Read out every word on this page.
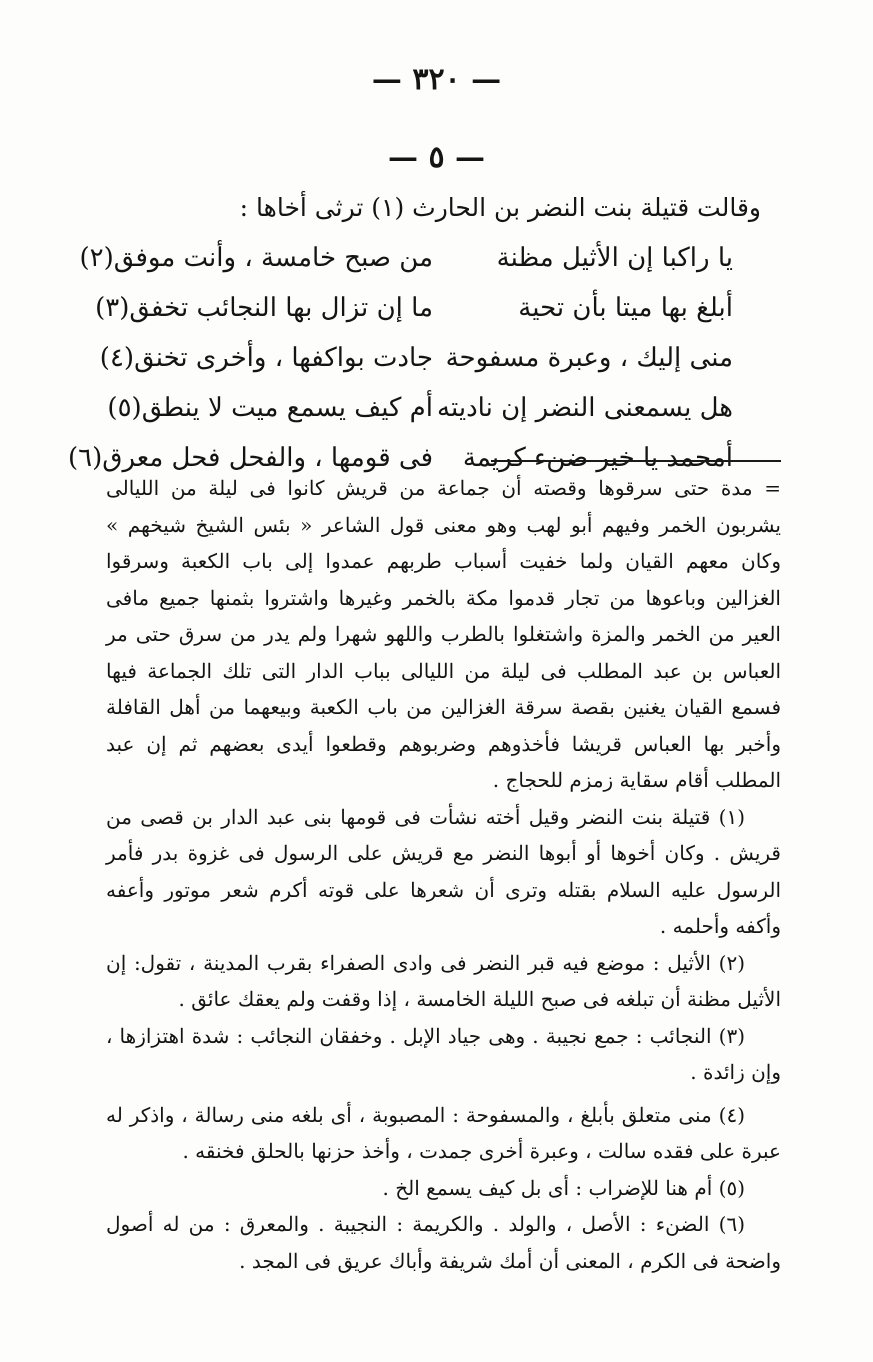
— ٣٢٠ —
— ٥ —
وقالت قتيلة بنت النضر بن الحارث (١) ترثى أخاها :
يا راكبا إن الأثيل مظنة
من صبح خامسة ، وأنت موفق(٢)
أبلغ بها ميتا بأن تحية
ما إن تزال بها النجائب تخفق(٣)
منى إليك ، وعبرة مسفوحة
جادت بواكفها ، وأخرى تخنق(٤)
هل يسمعنى النضر إن ناديته
أم كيف يسمع ميت لا ينطق(٥)
أمحمد يا خير ضنء كريمة
فى قومها ، والفحل فحل معرق(٦)

= مدة حتى سرقوها وقصته أن جماعة من قريش كانوا فى ليلة من الليالى يشربون الخمر وفيهم أبو لهب وهو معنى قول الشاعر « بئس الشيخ شيخهم » وكان معهم القيان ولما خفيت أسباب طربهم عمدوا إلى باب الكعبة وسرقوا الغزالين وباعوها من تجار قدموا مكة بالخمر وغيرها واشتروا بثمنها جميع مافى العير من الخمر والمزة واشتغلوا بالطرب واللهو شهرا ولم يدر من سرق حتى مر العباس بن عبد المطلب فى ليلة من الليالى بباب الدار التى تلك الجماعة فيها فسمع القيان يغنين بقصة سرقة الغزالين من باب الكعبة وبيعهما من أهل القافلة وأخبر بها العباس قريشا فأخذوهم وضربوهم وقطعوا أيدى بعضهم ثم إن عبد المطلب أقام سقاية زمزم للحجاج .

(١) قتيلة بنت النضر وقيل أخته نشأت فى قومها بنى عبد الدار بن قصى من قريش . وكان أخوها أو أبوها النضر مع قريش على الرسول فى غزوة بدر فأمر الرسول عليه السلام بقتله وترى أن شعرها على قوته أكرم شعر موتور وأعفه وأكفه وأحلمه .

(٢) الأثيل : موضع فيه قبر النضر فى وادى الصفراء بقرب المدينة ، تقول: إن الأثيل مظنة أن تبلغه فى صبح الليلة الخامسة ، إذا وقفت ولم يعقك عائق .

(٣) النجائب : جمع نجيبة . وهى جياد الإبل . وخفقان النجائب : شدة اهتزازها ، وإن زائدة .

(٤) منى متعلق بأبلغ ، والمسفوحة : المصبوبة ، أى بلغه منى رسالة ، واذكر له عبرة على فقده سالت ، وعبرة أخرى جمدت ، وأخذ حزنها بالحلق فخنقه .

(٥) أم هنا للإضراب : أى بل كيف يسمع الخ .

(٦) الضنء : الأصل ، والولد . والكريمة : النجيبة . والمعرق : من له أصول واضحة فى الكرم ، المعنى أن أمك شريفة وأباك عريق فى المجد .
